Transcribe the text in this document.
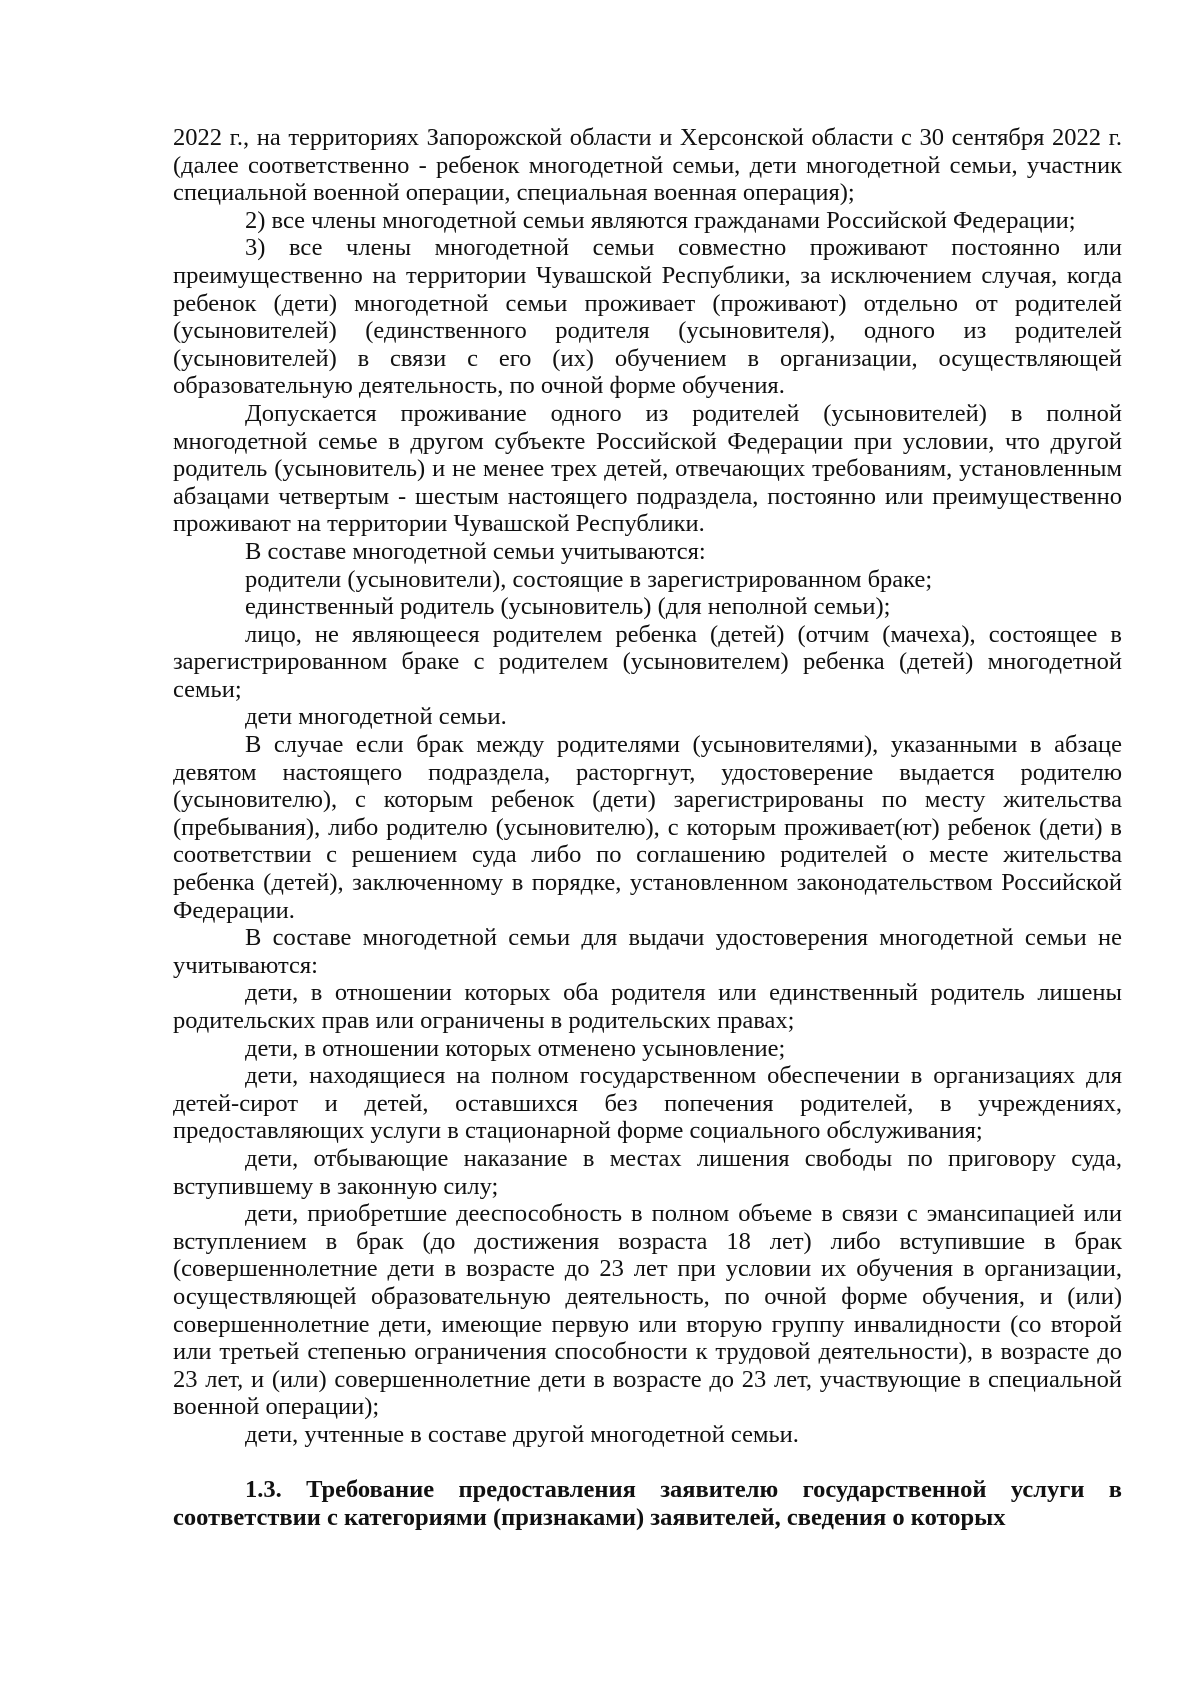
2022 г., на территориях Запорожской области и Херсонской области с 30 сентября 2022 г. (далее соответственно - ребенок многодетной семьи, дети многодетной семьи, участник специальной военной операции, специальная военная операция);

2) все члены многодетной семьи являются гражданами Российской Федерации;

3) все члены многодетной семьи совместно проживают постоянно или преимущественно на территории Чувашской Республики, за исключением случая, когда ребенок (дети) многодетной семьи проживает (проживают) отдельно от родителей (усыновителей) (единственного родителя (усыновителя), одного из родителей (усыновителей) в связи с его (их) обучением в организации, осуществляющей образовательную деятельность, по очной форме обучения.

Допускается проживание одного из родителей (усыновителей) в полной многодетной семье в другом субъекте Российской Федерации при условии, что другой родитель (усыновитель) и не менее трех детей, отвечающих требованиям, установленным абзацами четвертым - шестым настоящего подраздела, постоянно или преимущественно проживают на территории Чувашской Республики.

В составе многодетной семьи учитываются:

родители (усыновители), состоящие в зарегистрированном браке;

единственный родитель (усыновитель) (для неполной семьи);

лицо, не являющееся родителем ребенка (детей) (отчим (мачеха), состоящее в зарегистрированном браке с родителем (усыновителем) ребенка (детей) многодетной семьи;

дети многодетной семьи.

В случае если брак между родителями (усыновителями), указанными в абзаце девятом настоящего подраздела, расторгнут, удостоверение выдается родителю (усыновителю), с которым ребенок (дети) зарегистрированы по месту жительства (пребывания), либо родителю (усыновителю), с которым проживает(ют) ребенок (дети) в соответствии с решением суда либо по соглашению родителей о месте жительства ребенка (детей), заключенному в порядке, установленном законодательством Российской Федерации.

В составе многодетной семьи для выдачи удостоверения многодетной семьи не учитываются:

дети, в отношении которых оба родителя или единственный родитель лишены родительских прав или ограничены в родительских правах;

дети, в отношении которых отменено усыновление;

дети, находящиеся на полном государственном обеспечении в организациях для детей-сирот и детей, оставшихся без попечения родителей, в учреждениях, предоставляющих услуги в стационарной форме социального обслуживания;

дети, отбывающие наказание в местах лишения свободы по приговору суда, вступившему в законную силу;

дети, приобретшие дееспособность в полном объеме в связи с эмансипацией или вступлением в брак (до достижения возраста 18 лет) либо вступившие в брак (совершеннолетние дети в возрасте до 23 лет при условии их обучения в организации, осуществляющей образовательную деятельность, по очной форме обучения, и (или) совершеннолетние дети, имеющие первую или вторую группу инвалидности (со второй или третьей степенью ограничения способности к трудовой деятельности), в возрасте до 23 лет, и (или) совершеннолетние дети в возрасте до 23 лет, участвующие в специальной военной операции);

дети, учтенные в составе другой многодетной семьи.

1.3. Требование предоставления заявителю государственной услуги в соответствии с категориями (признаками) заявителей, сведения о которых
